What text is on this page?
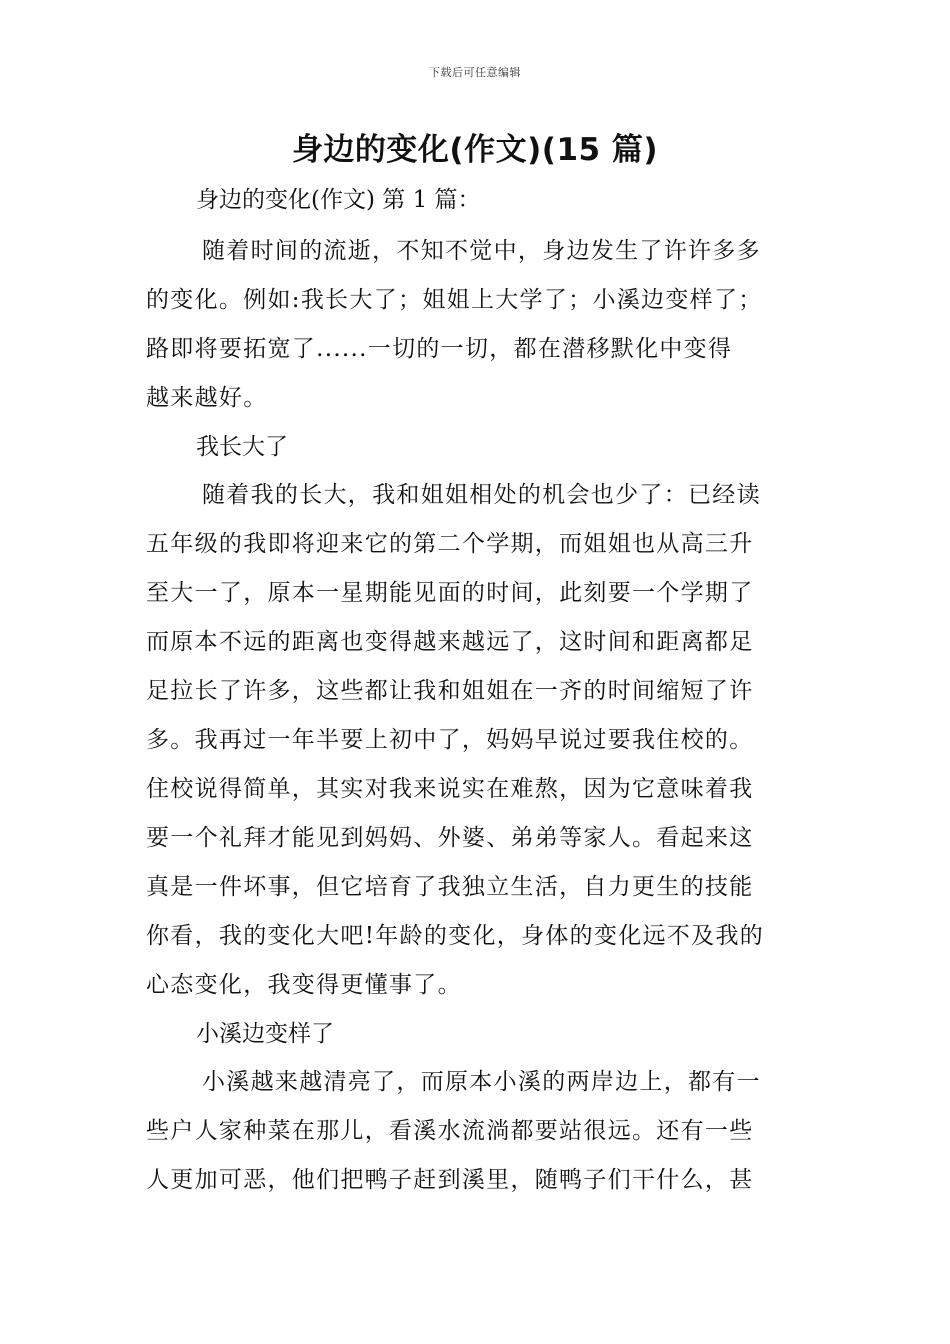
下载后可任意编辑
身边的变化(作文)(15 篇)

身边的变化(作文) 第 1 篇：

随着时间的流逝，不知不觉中，身边发生了许许多多
的变化。例如:我长大了；姐姐上大学了；小溪边变样了；
路即将要拓宽了......一切的一切，都在潜移默化中变得
越来越好。

我长大了

随着我的长大，我和姐姐相处的机会也少了：已经读
五年级的我即将迎来它的第二个学期，而姐姐也从高三升
至大一了，原本一星期能见面的时间，此刻要一个学期了
而原本不远的距离也变得越来越远了，这时间和距离都足
足拉长了许多，这些都让我和姐姐在一齐的时间缩短了许
多。我再过一年半要上初中了，妈妈早说过要我住校的。
住校说得简单，其实对我来说实在难熬，因为它意味着我
要一个礼拜才能见到妈妈、外婆、弟弟等家人。看起来这
真是一件坏事，但它培育了我独立生活，自力更生的技能
你看，我的变化大吧!年龄的变化，身体的变化远不及我的
心态变化，我变得更懂事了。

小溪边变样了

小溪越来越清亮了，而原本小溪的两岸边上，都有一
些户人家种菜在那儿，看溪水流淌都要站很远。还有一些
人更加可恶，他们把鸭子赶到溪里，随鸭子们干什么，甚
